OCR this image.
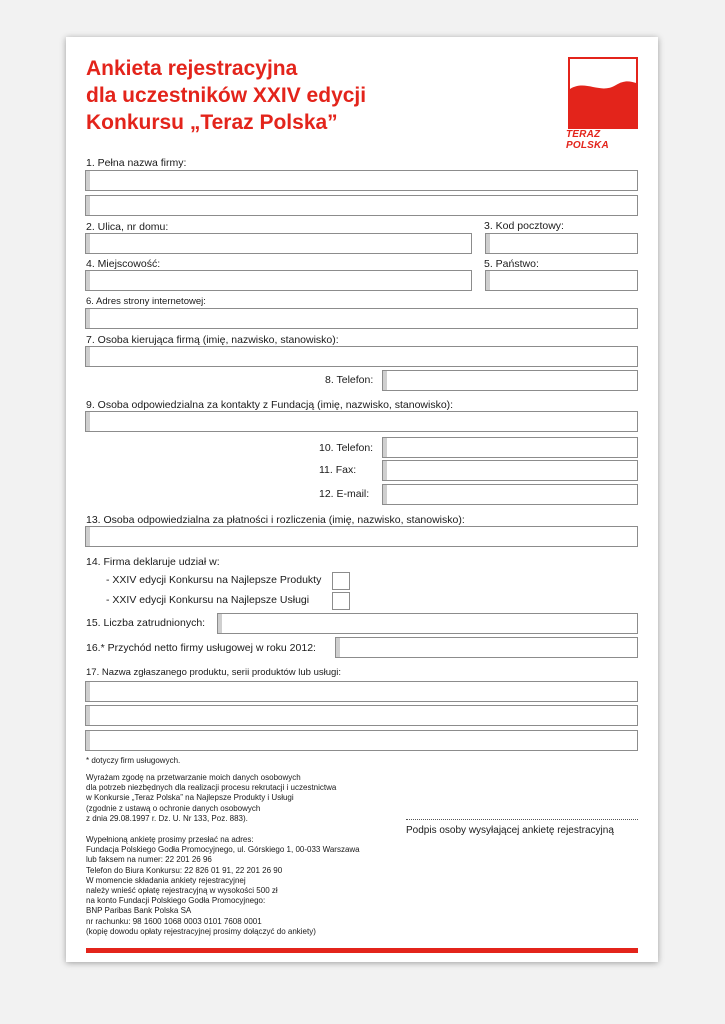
Ankieta rejestracyjna
dla uczestników XXIV edycji
Konkursu „Teraz Polska”
TERAZ POLSKA
1. Pełna nazwa firmy:
2. Ulica, nr domu:	3. Kod pocztowy:
4. Miejscowość:	5. Państwo:
6. Adres strony internetowej:
7. Osoba kierująca firmą (imię, nazwisko, stanowisko):
8. Telefon:
9. Osoba odpowiedzialna za kontakty z Fundacją (imię, nazwisko, stanowisko):
10. Telefon:
11. Fax:
12. E-mail:
13. Osoba odpowiedzialna za płatności i rozliczenia (imię, nazwisko, stanowisko):
14. Firma deklaruje udział w:
- XXIV edycji Konkursu na Najlepsze Produkty
- XXIV edycji Konkursu na Najlepsze Usługi
15. Liczba zatrudnionych:
16.* Przychód netto firmy usługowej w roku 2012:
17. Nazwa zgłaszanego produktu, serii produktów lub usługi:
* dotyczy firm usługowych.
Wyrażam zgodę na przetwarzanie moich danych osobowych
dla potrzeb niezbędnych dla realizacji procesu rekrutacji i uczestnictwa
w Konkursie „Teraz Polska” na Najlepsze Produkty i Usługi
(zgodnie z ustawą o ochronie danych osobowych
z dnia 29.08.1997 r. Dz. U. Nr 133, Poz. 883).
Podpis osoby wysyłającej ankietę rejestracyjną
Wypełnioną ankietę prosimy przesłać na adres:
Fundacja Polskiego Godła Promocyjnego, ul. Górskiego 1, 00-033 Warszawa
lub faksem na numer: 22 201 26 96
Telefon do Biura Konkursu: 22 826 01 91, 22 201 26 90
W momencie składania ankiety rejestracyjnej
należy wnieść opłatę rejestracyjną w wysokości 500 zł
na konto Fundacji Polskiego Godła Promocyjnego:
BNP Paribas Bank Polska SA
nr rachunku: 98 1600 1068 0003 0101 7608 0001
(kopię dowodu opłaty rejestracyjnej prosimy dołączyć do ankiety)
